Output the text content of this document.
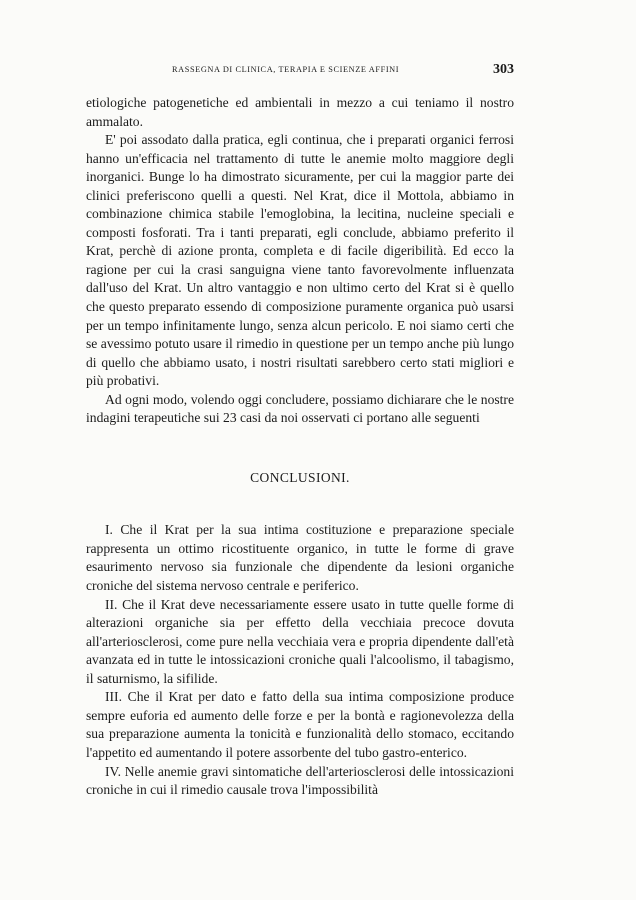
RASSEGNA DI CLINICA, TERAPIA E SCIENZE AFFINI	303

etiologiche patogenetiche ed ambientali in mezzo a cui teniamo il nostro ammalato.

E' poi assodato dalla pratica, egli continua, che i preparati organici ferrosi hanno un'efficacia nel trattamento di tutte le anemie molto maggiore degli inorganici. Bunge lo ha dimostrato sicuramente, per cui la maggior parte dei clinici preferiscono quelli a questi. Nel Krat, dice il Mottola, abbiamo in combinazione chimica stabile l'emoglobina, la lecitina, nucleine speciali e composti fosforati. Tra i tanti preparati, egli conclude, abbiamo preferito il Krat, perchè di azione pronta, completa e di facile digeribilità. Ed ecco la ragione per cui la crasi sanguigna viene tanto favorevolmente influenzata dall'uso del Krat. Un altro vantaggio e non ultimo certo del Krat si è quello che questo preparato essendo di composizione puramente organica può usarsi per un tempo infinitamente lungo, senza alcun pericolo. E noi siamo certi che se avessimo potuto usare il rimedio in questione per un tempo anche più lungo di quello che abbiamo usato, i nostri risultati sarebbero certo stati migliori e più probativi.

Ad ogni modo, volendo oggi concludere, possiamo dichiarare che le nostre indagini terapeutiche sui 23 casi da noi osservati ci portano alle seguenti

CONCLUSIONI.

I. Che il Krat per la sua intima costituzione e preparazione speciale rappresenta un ottimo ricostituente organico, in tutte le forme di grave esaurimento nervoso sia funzionale che dipendente da lesioni organiche croniche del sistema nervoso centrale e periferico.

II. Che il Krat deve necessariamente essere usato in tutte quelle forme di alterazioni organiche sia per effetto della vecchiaia precoce dovuta all'arteriosclerosi, come pure nella vecchiaia vera e propria dipendente dall'età avanzata ed in tutte le intossicazioni croniche quali l'alcoolismo, il tabagismo, il saturnismo, la sifilide.

III. Che il Krat per dato e fatto della sua intima composizione produce sempre euforia ed aumento delle forze e per la bontà e ragionevolezza della sua preparazione aumenta la tonicità e funzionalità dello stomaco, eccitando l'appetito ed aumentando il potere assorbente del tubo gastro-enterico.

IV. Nelle anemie gravi sintomatiche dell'arteriosclerosi delle intossicazioni croniche in cui il rimedio causale trova l'impossibilità
